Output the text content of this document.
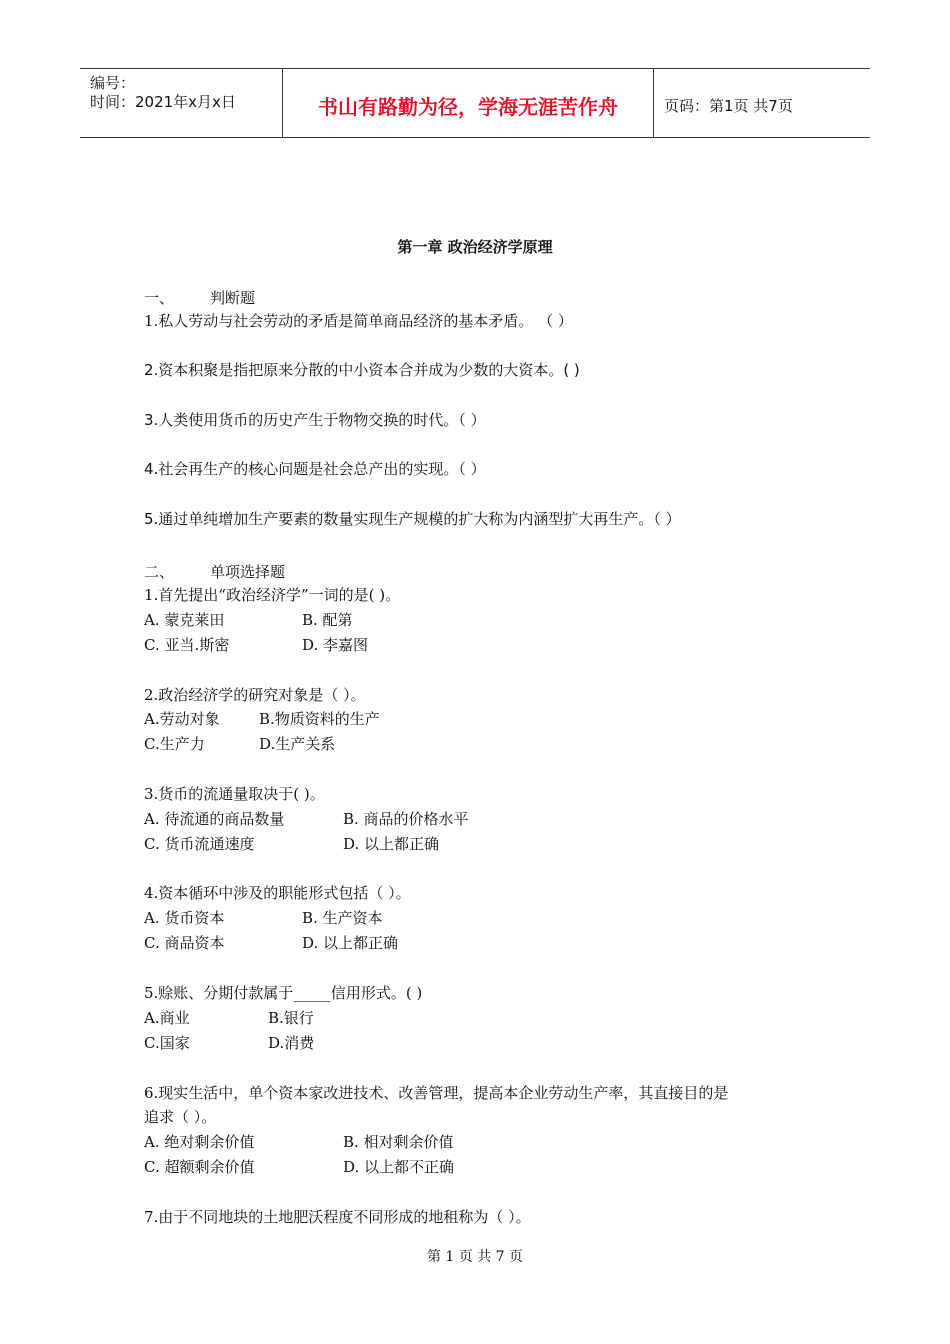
编号：
时间：2021年x月x日	书山有路勤为径，学海无涯苦作舟	页码：第1页 共7页
第一章 政治经济学原理
一、 判断题
1.私人劳动与社会劳动的矛盾是简单商品经济的基本矛盾。 （ ）
2.资本积聚是指把原来分散的中小资本合并成为少数的大资本。( )
3.人类使用货币的历史产生于物物交换的时代。（ ）
4.社会再生产的核心问题是社会总产出的实现。（ ）
5.通过单纯增加生产要素的数量实现生产规模的扩大称为内涵型扩大再生产。（ ）
二、 单项选择题
1.首先提出“政治经济学”一词的是( )。
A. 蒙克莱田	B. 配第
C. 亚当.斯密	D. 李嘉图
2.政治经济学的研究对象是（ ）。
A.劳动对象	B.物质资料的生产
C.生产力	D.生产关系
3.货币的流通量取决于( )。
A. 待流通的商品数量	B. 商品的价格水平
C. 货币流通速度	D. 以上都正确
4.资本循环中涉及的职能形式包括（ ）。
A. 货币资本	B. 生产资本
C. 商品资本	D. 以上都正确
5.赊账、分期付款属于_____信用形式。( )
A.商业	B.银行
C.国家	D.消费
6.现实生活中，单个资本家改进技术、改善管理，提高本企业劳动生产率，其直接目的是
追求（ ）。
A. 绝对剩余价值	B. 相对剩余价值
C. 超额剩余价值	D. 以上都不正确
7.由于不同地块的土地肥沃程度不同形成的地租称为（ ）。
第 1 页 共 7 页
